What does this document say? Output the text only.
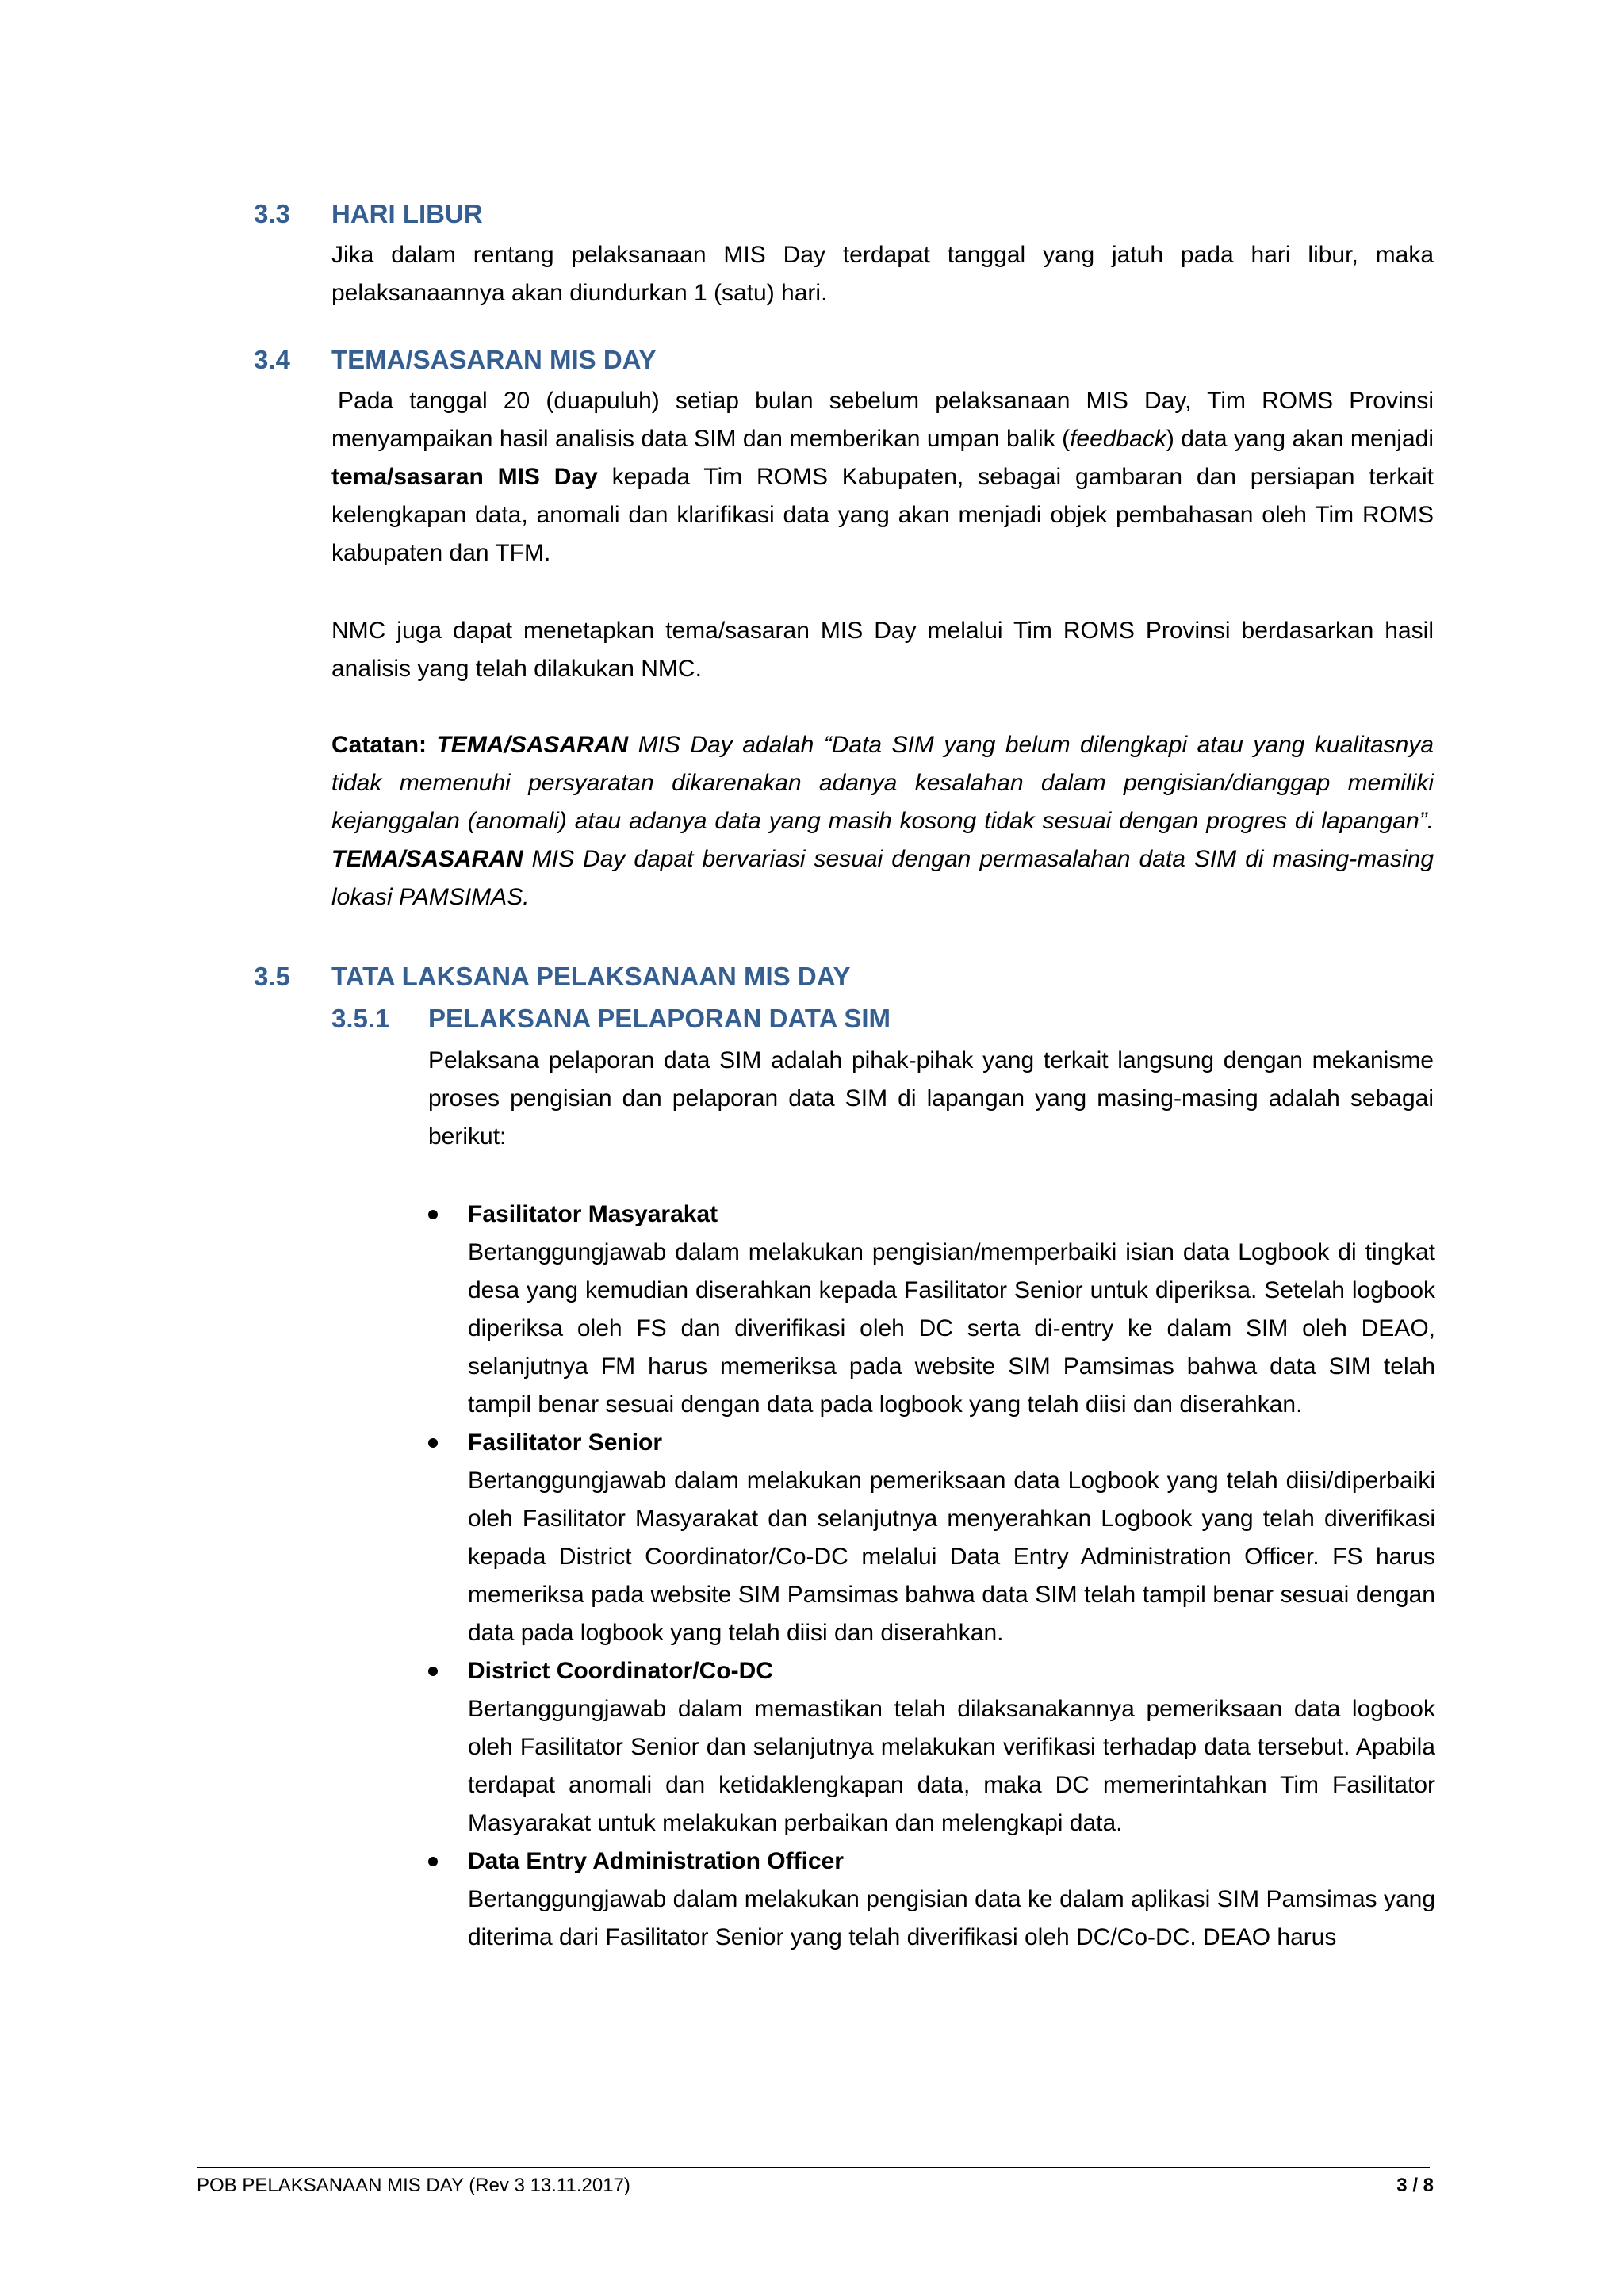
3.3 HARI LIBUR
Jika dalam rentang pelaksanaan MIS Day terdapat tanggal yang jatuh pada hari libur, maka pelaksanaannya akan diundurkan 1 (satu) hari.
3.4 TEMA/SASARAN MIS DAY
Pada tanggal 20 (duapuluh) setiap bulan sebelum pelaksanaan MIS Day, Tim ROMS Provinsi menyampaikan hasil analisis data SIM dan memberikan umpan balik (feedback) data yang akan menjadi tema/sasaran MIS Day kepada Tim ROMS Kabupaten, sebagai gambaran dan persiapan terkait kelengkapan data, anomali dan klarifikasi data yang akan menjadi objek pembahasan oleh Tim ROMS kabupaten dan TFM.
NMC juga dapat menetapkan tema/sasaran MIS Day melalui Tim ROMS Provinsi berdasarkan hasil analisis yang telah dilakukan NMC.
Catatan: TEMA/SASARAN MIS Day adalah “Data SIM yang belum dilengkapi atau yang kualitasnya tidak memenuhi persyaratan dikarenakan adanya kesalahan dalam pengisian/dianggap memiliki kejanggalan (anomali) atau adanya data yang masih kosong tidak sesuai dengan progres di lapangan”. TEMA/SASARAN MIS Day dapat bervariasi sesuai dengan permasalahan data SIM di masing-masing lokasi PAMSIMAS.
3.5 TATA LAKSANA PELAKSANAAN MIS DAY
3.5.1 PELAKSANA PELAPORAN DATA SIM
Pelaksana pelaporan data SIM adalah pihak-pihak yang terkait langsung dengan mekanisme proses pengisian dan pelaporan data SIM di lapangan yang masing-masing adalah sebagai berikut:
Fasilitator Masyarakat
Bertanggungjawab dalam melakukan pengisian/memperbaiki isian data Logbook di tingkat desa yang kemudian diserahkan kepada Fasilitator Senior untuk diperiksa. Setelah logbook diperiksa oleh FS dan diverifikasi oleh DC serta di-entry ke dalam SIM oleh DEAO, selanjutnya FM harus memeriksa pada website SIM Pamsimas bahwa data SIM telah tampil benar sesuai dengan data pada logbook yang telah diisi dan diserahkan.
Fasilitator Senior
Bertanggungjawab dalam melakukan pemeriksaan data Logbook yang telah diisi/diperbaiki oleh Fasilitator Masyarakat dan selanjutnya menyerahkan Logbook yang telah diverifikasi kepada District Coordinator/Co-DC melalui Data Entry Administration Officer. FS harus memeriksa pada website SIM Pamsimas bahwa data SIM telah tampil benar sesuai dengan data pada logbook yang telah diisi dan diserahkan.
District Coordinator/Co-DC
Bertanggungjawab dalam memastikan telah dilaksanakannya pemeriksaan data logbook oleh Fasilitator Senior dan selanjutnya melakukan verifikasi terhadap data tersebut. Apabila terdapat anomali dan ketidaklengkapan data, maka DC memerintahkan Tim Fasilitator Masyarakat untuk melakukan perbaikan dan melengkapi data.
Data Entry Administration Officer
Bertanggungjawab dalam melakukan pengisian data ke dalam aplikasi SIM Pamsimas yang diterima dari Fasilitator Senior yang telah diverifikasi oleh DC/Co-DC. DEAO harus
POB PELAKSANAAN MIS DAY (Rev 3 13.11.2017)	3 / 8
